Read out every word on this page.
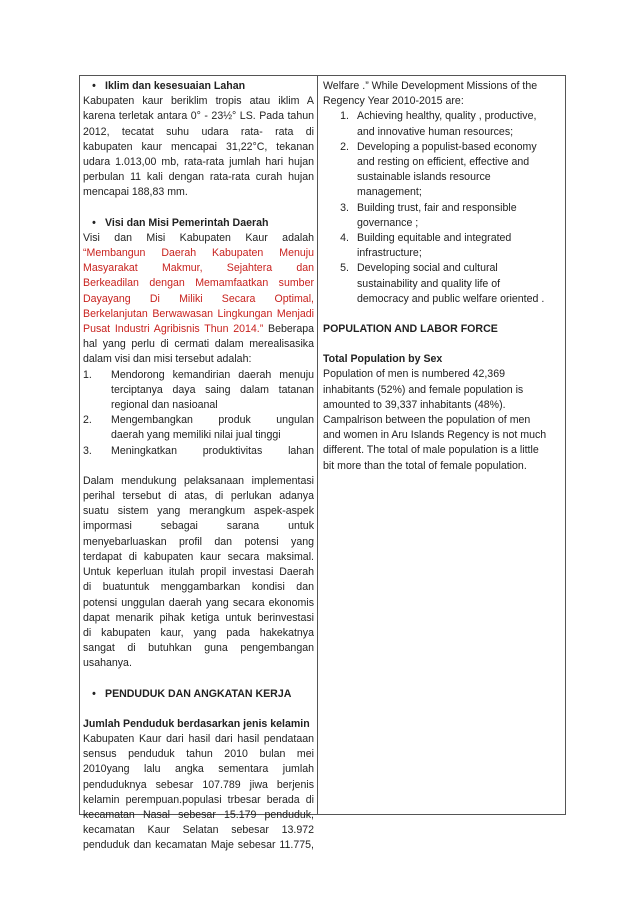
• Iklim dan kesesuaian Lahan

Kabupaten kaur beriklim tropis atau iklim A

karena terletak antara 0° - 23½° LS. Pada tahun

2012, tecatat suhu udara rata- rata di

kabupaten kaur mencapai 31,22°C, tekanan

udara 1.013,00 mb, rata-rata jumlah hari hujan

perbulan 11 kali dengan rata-rata curah hujan

mencapai 188,83 mm.

• Visi dan Misi Pemerintah Daerah

Visi dan Misi Kabupaten Kaur adalah

“Membangun Daerah Kabupaten Menuju

Masyarakat Makmur, Sejahtera dan

Berkeadilan dengan Memamfaatkan sumber

Dayayang Di Miliki Secara Optimal,

Berkelanjutan Berwawasan Lingkungan Menjadi

Pusat Industri Agribisnis Thun 2014.” Beberapa

hal yang perlu di cermati dalam merealisasika

dalam visi dan misi tersebut adalah:

1.	Mendorong kemandirian daerah menuju
terciptanya daya saing dalam tatanan
regional dan nasioanal
2.	Mengembangkan produk ungulan
daerah yang memiliki nilai jual tinggi
3.	Meningkatkan produktivitas lahan

Dalam mendukung pelaksanaan implementasi

perihal tersebut di atas, di perlukan adanya

suatu sistem yang merangkum aspek-aspek

impormasi sebagai sarana untuk

menyebarluaskan profil dan potensi yang

terdapat di kabupaten kaur secara maksimal.

Untuk keperluan itulah propil investasi Daerah

di buatuntuk menggambarkan kondisi dan

potensi unggulan daerah yang secara ekonomis

dapat menarik pihak ketiga untuk berinvestasi

di kabupaten kaur, yang pada hakekatnya

sangat di butuhkan guna pengembangan

usahanya.

• PENDUDUK DAN ANGKATAN KERJA

Jumlah Penduduk berdasarkan jenis kelamin

Kabupaten Kaur dari hasil dari hasil pendataan

sensus penduduk tahun 2010 bulan mei

2010yang lalu angka sementara jumlah

penduduknya sebesar 107.789 jiwa berjenis

kelamin perempuan.populasi trbesar berada di

kecamatan Nasal sebesar 15.179 penduduk,

kecamatan Kaur Selatan sebesar 13.972

penduduk dan kecamatan Maje sebesar 11.775,

Welfare .” While Development Missions of the

Regency Year 2010-2015 are:

1. Achieving healthy, quality , productive,
and innovative human resources;
2. Developing a populist-based economy
and resting on efficient, effective and
sustainable islands resource
management;
3. Building trust, fair and responsible
governance ;
4. Building equitable and integrated
infrastructure;
5. Developing social and cultural
sustainability and quality life of
democracy and public welfare oriented .

POPULATION AND LABOR FORCE

Total Population by Sex

Population of men is numbered 42,369

inhabitants (52%) and female population is

amounted to 39,337 inhabitants (48%).

Campalrison between the population of men

and women in Aru Islands Regency is not much

different. The total of male population is a little

bit more than the total of female population.
